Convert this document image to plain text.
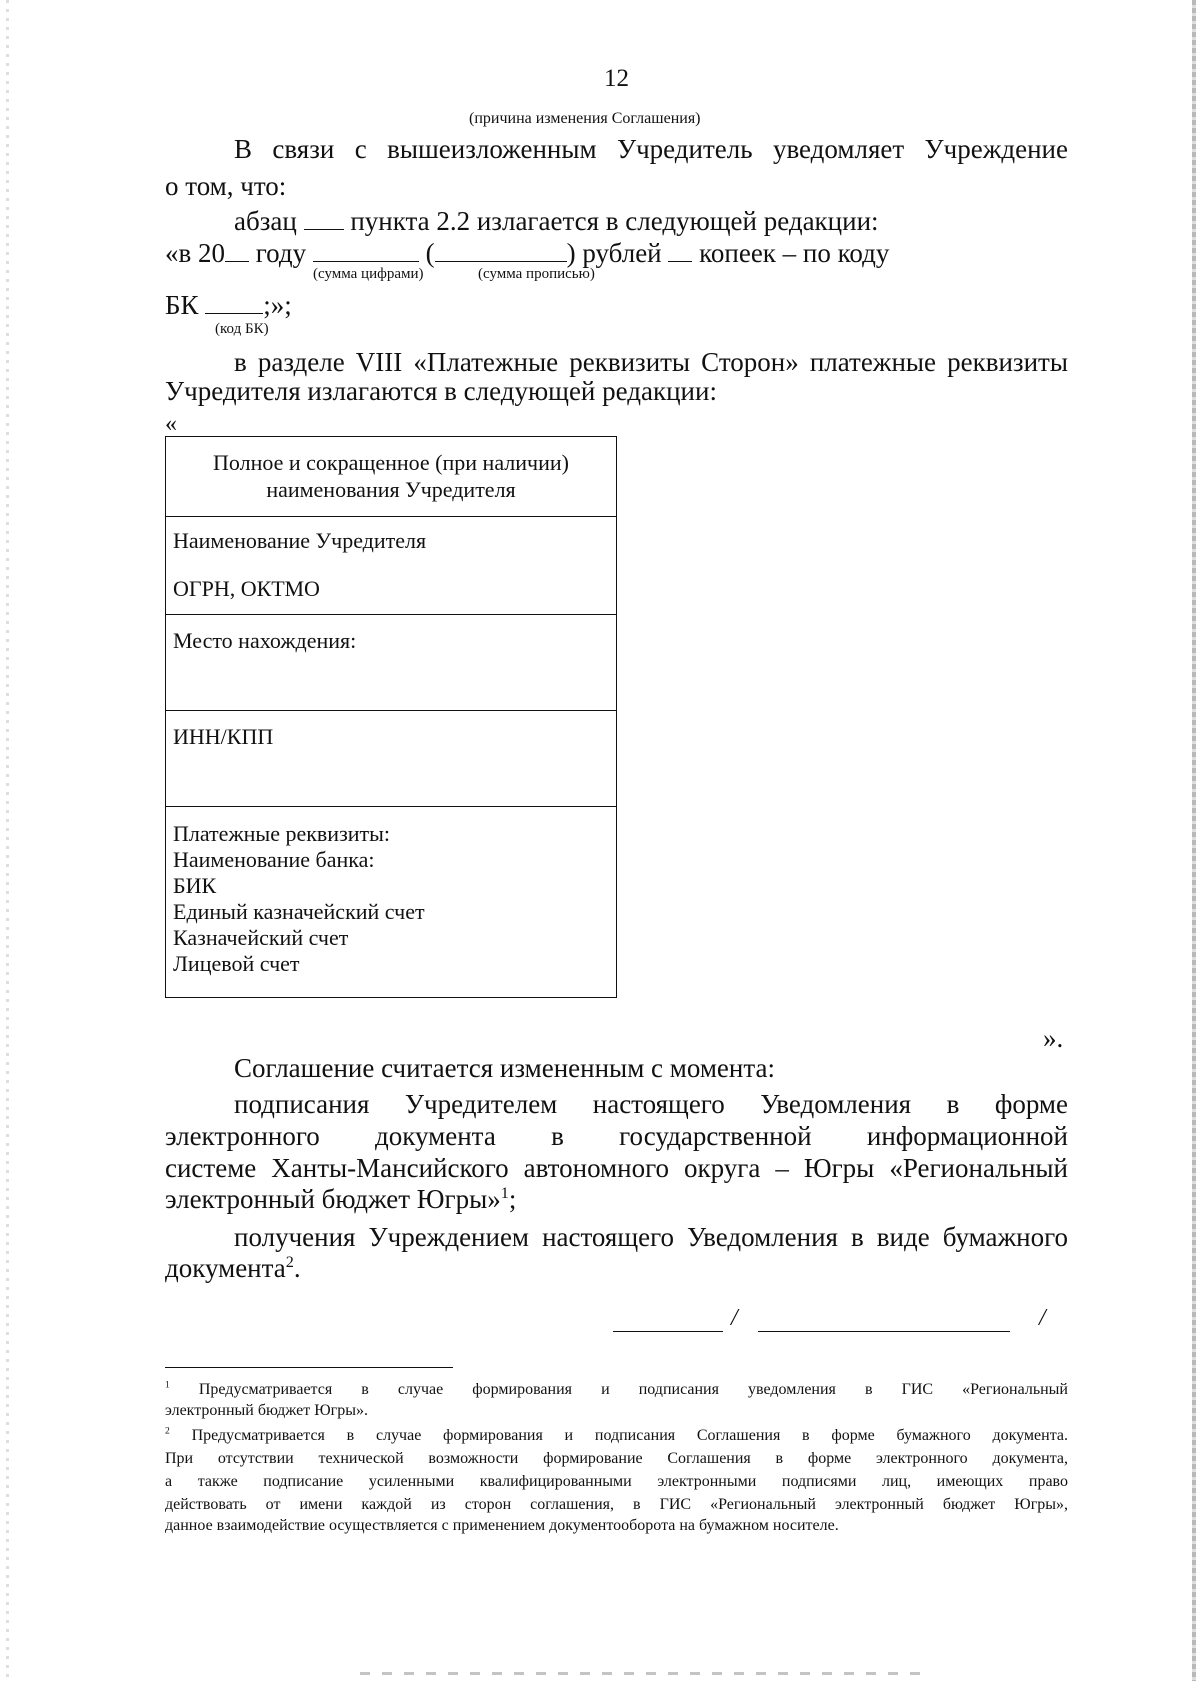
12
(причина изменения Соглашения)
В связи с вышеизложенным Учредитель уведомляет Учреждение
о том, что:
абзац пункта 2.2 излагается в следующей редакции:
«в 20 году	(	) рублей копеек – по коду
(сумма цифрами)	(сумма прописью)
БК ;»;
(код БК)
в разделе VIII «Платежные реквизиты Сторон» платежные реквизиты
Учредителя излагаются в следующей редакции:
«
Полное и сокращенное (при наличии) наименования Учредителя
Наименование Учредителя
ОГРН, ОКТМО
Место нахождения:
ИНН/КПП
Платежные реквизиты:
Наименование банка:
БИК
Единый казначейский счет
Казначейский счет
Лицевой счет
».
Соглашение считается измененным с момента:
подписания Учредителем настоящего Уведомления в форме
электронного документа в государственной информационной
системе Ханты-Мансийского автономного округа – Югры «Региональный
электронный бюджет Югры»$^1$;
получения Учреждением настоящего Уведомления в виде бумажного
документа$^2$.
/	/
$^1$ Предусматривается в случае формирования и подписания уведомления в ГИС «Региональный
электронный бюджет Югры».
$^2$ Предусматривается в случае формирования и подписания Соглашения в форме бумажного документа.
При отсутствии технической возможности формирование Соглашения в форме электронного документа,
а также подписание усиленными квалифицированными электронными подписями лиц, имеющих право
действовать от имени каждой из сторон соглашения, в ГИС «Региональный электронный бюджет Югры»,
данное взаимодействие осуществляется с применением документооборота на бумажном носителе.
